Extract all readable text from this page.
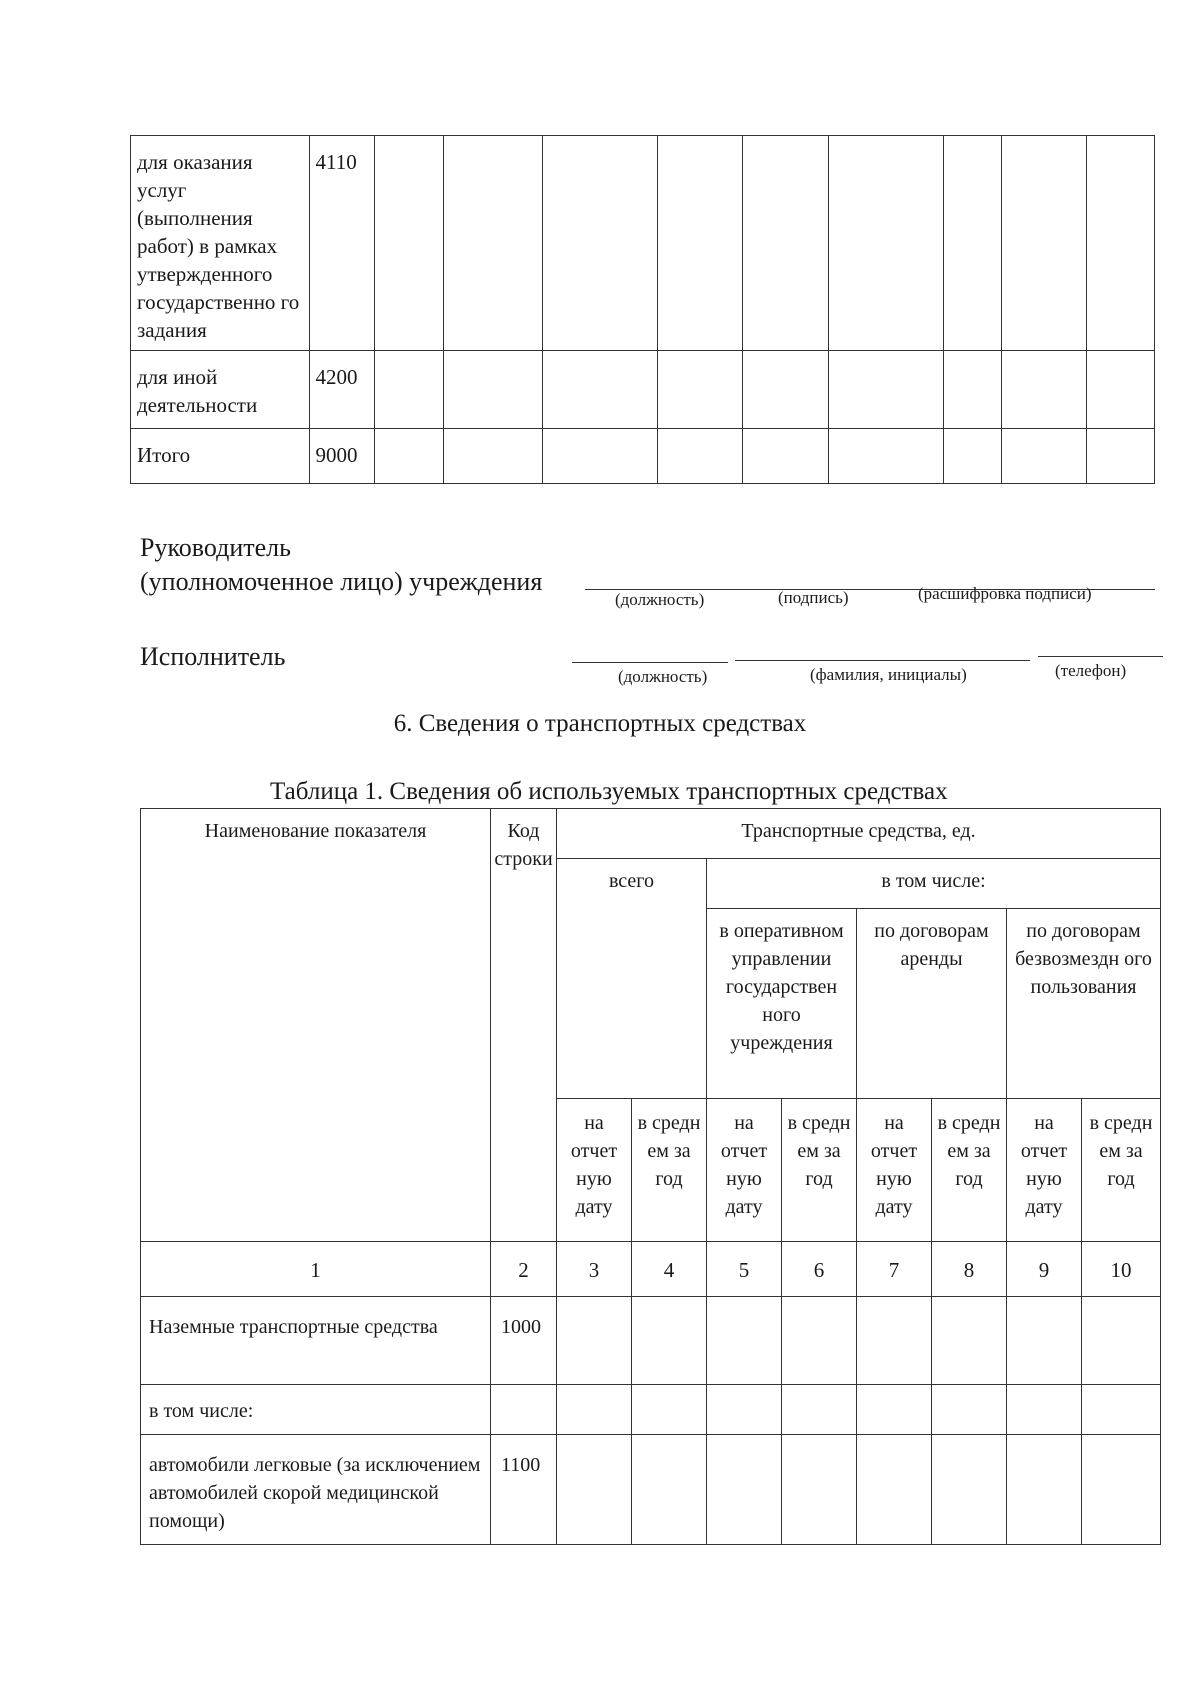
для оказания услуг (выполнения работ) в рамках утвержденного государственно го задания	4110									
для иной деятельности	4200									
Итого	9000									
Руководитель
(уполномоченное лицо) учреждения
(должность)	(подпись)	(расшифровка подписи)
Исполнитель
(должность)	(фамилия, инициалы)	(телефон)
6. Сведения о транспортных средствах
Таблица 1. Сведения об используемых транспортных средствах
Наименование показателя	Код строки	Транспортные средства, ед.							
		всего		в том числе:					
				в оперативном управлении государствен ного учреждения		по договорам аренды		по договорам безвозмездн ого пользования	
		на отчет ную дату	в средн ем за год	на отчет ную дату	в средн ем за год	на отчет ную дату	в средн ем за год	на отчет ную дату	в средн ем за год
1	2	3	4	5	6	7	8	9	10
Наземные транспортные средства	1000								
в том числе:									
автомобили легковые (за исключением автомобилей скорой медицинской помощи)	1100								
